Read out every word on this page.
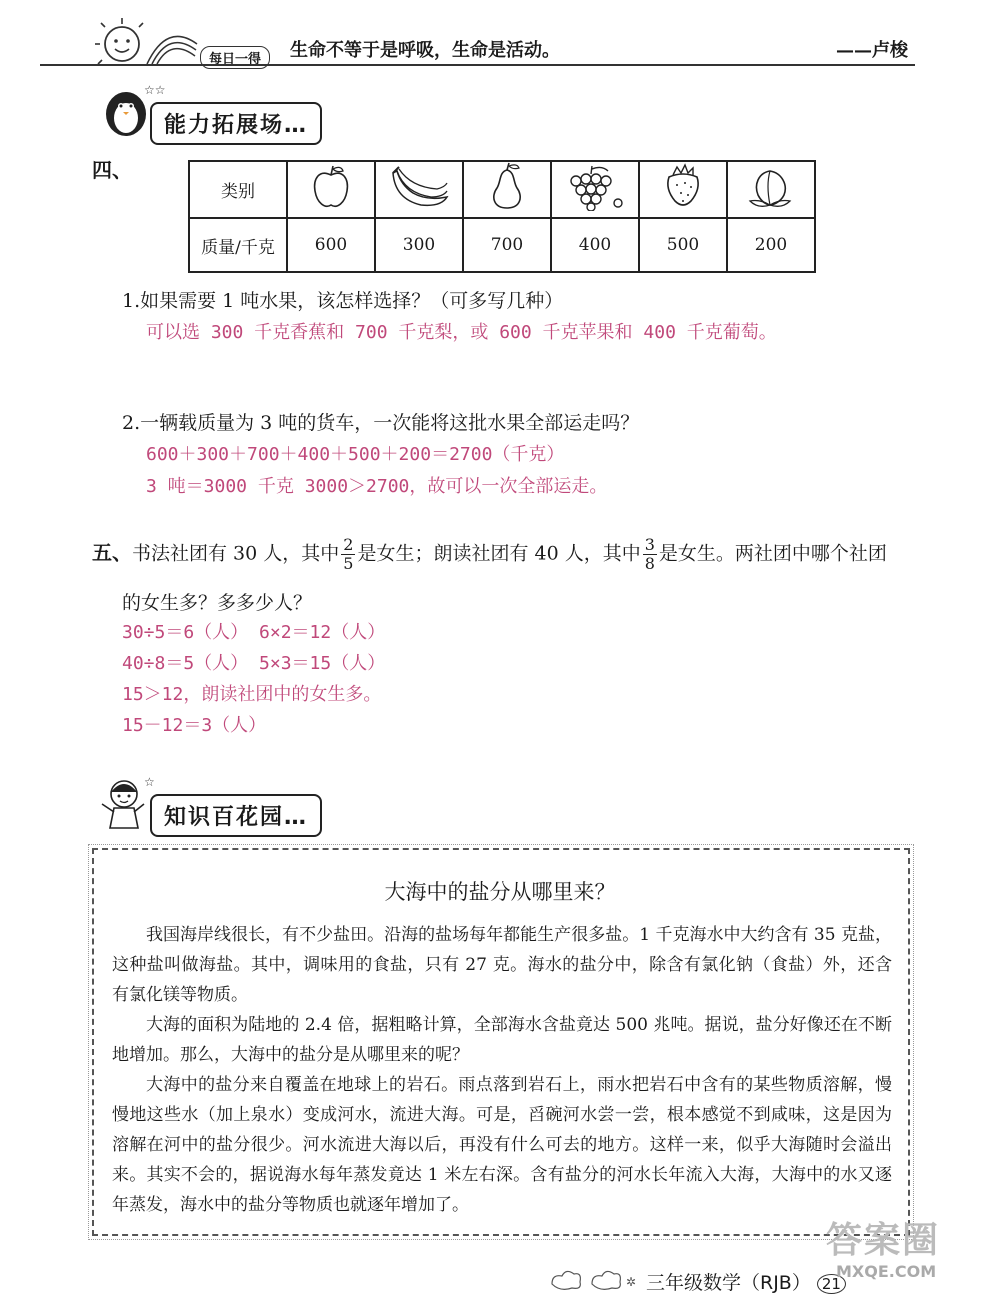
每日一得	生命不等于是呼吸，生命是活动。	——卢梭
☆☆
能力拓展场…
四、
类别						
质量/千克	600	300	700	400	500	200
1.如果需要 1 吨水果，该怎样选择？（可多写几种）
可以选 300 千克香蕉和 700 千克梨，或 600 千克苹果和 400 千克葡萄。
2.一辆载质量为 3 吨的货车，一次能将这批水果全部运走吗？
600＋300＋700＋400＋500＋200＝2700（千克）
3 吨＝3000 千克 3000＞2700，故可以一次全部运走。
五、书法社团有 30 人，其中 $\frac{2}{5}$ 是女生；朗读社团有 40 人，其中 $\frac{3}{8}$ 是女生。两社团中哪个社团
的女生多？多多少人？
30÷5＝6（人） 6×2＝12（人）
40÷8＝5（人） 5×3＝15（人）
15＞12，朗读社团中的女生多。
15－12＝3（人）
☆
知识百花园…
大海中的盐分从哪里来？
我国海岸线很长，有不少盐田。沿海的盐场每年都能生产很多盐。1 千克海水中大约含有 35 克盐，这种盐叫做海盐。其中，调味用的食盐，只有 27 克。海水的盐分中，除含有氯化钠（食盐）外，还含有氯化镁等物质。
大海的面积为陆地的 2.4 倍，据粗略计算，全部海水含盐竟达 500 兆吨。据说，盐分好像还在不断地增加。那么，大海中的盐分是从哪里来的呢？
大海中的盐分来自覆盖在地球上的岩石。雨点落到岩石上，雨水把岩石中含有的某些物质溶解，慢慢地这些水（加上泉水）变成河水，流进大海。可是，舀碗河水尝一尝，根本感觉不到咸味，这是因为溶解在河中的盐分很少。河水流进大海以后，再没有什么可去的地方。这样一来，似乎大海随时会溢出来。其实不会的，据说海水每年蒸发竟达 1 米左右深。含有盐分的河水长年流入大海，大海中的水又逐年蒸发，海水中的盐分等物质也就逐年增加了。
✲ 三年级数学（RJB） 21
答案圈
MXQE.COM
